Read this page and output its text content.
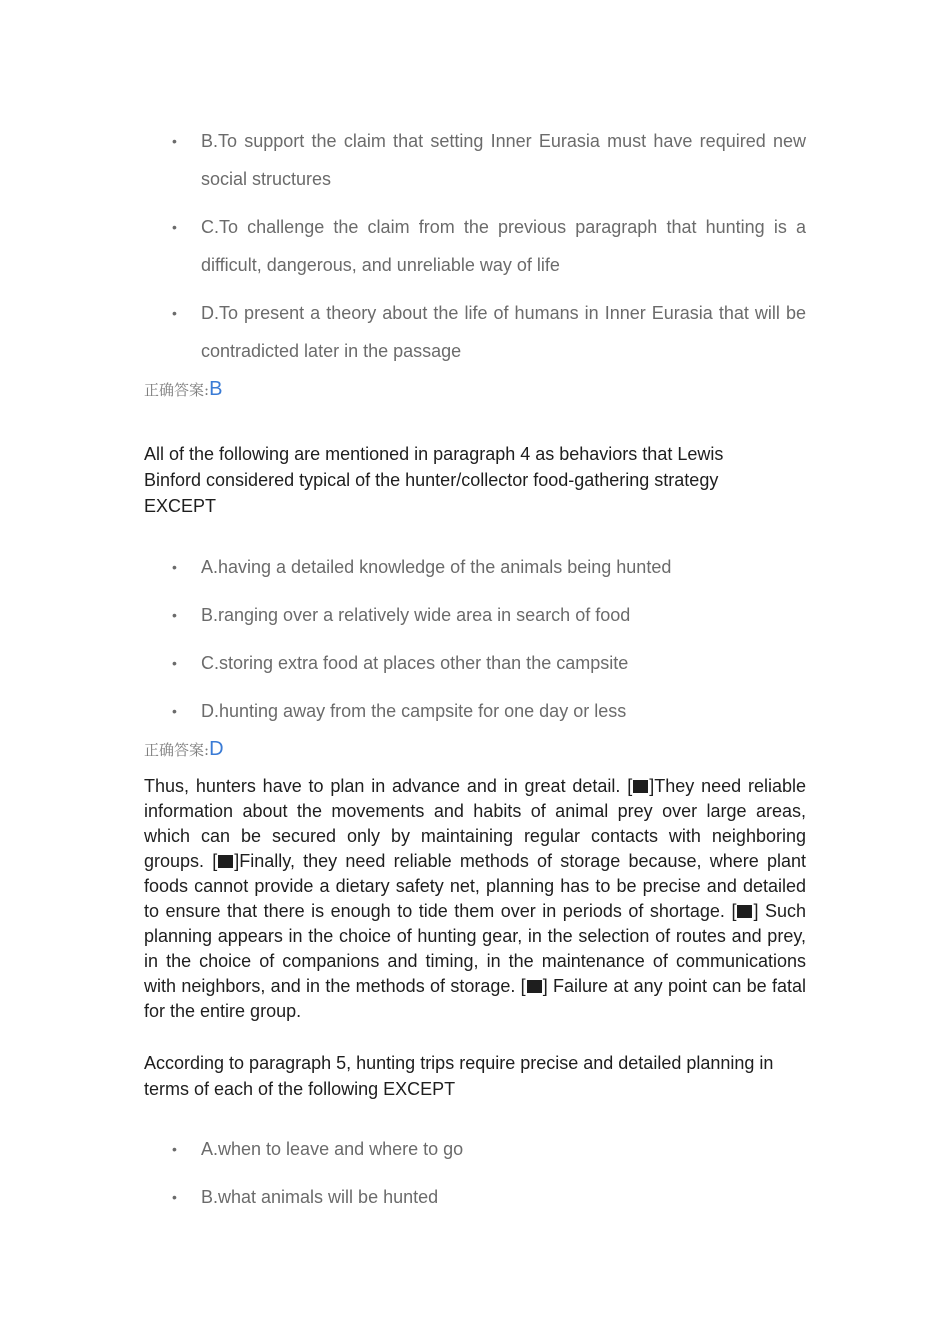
• B.To support the claim that setting Inner Eurasia must have required new social structures
• C.To challenge the claim from the previous paragraph that hunting is a difficult, dangerous, and unreliable way of life
• D.To present a theory about the life of humans in Inner Eurasia that will be contradicted later in the passage
正确答案:B

All of the following are mentioned in paragraph 4 as behaviors that Lewis Binford considered typical of the hunter/collector food-gathering strategy EXCEPT

• A.having a detailed knowledge of the animals being hunted
• B.ranging over a relatively wide area in search of food
• C.storing extra food at places other than the campsite
• D.hunting away from the campsite for one day or less
正确答案:D

Thus, hunters have to plan in advance and in great detail. [ ]They need reliable information about the movements and habits of animal prey over large areas, which can be secured only by maintaining regular contacts with neighboring groups. [ ]Finally, they need reliable methods of storage because, where plant foods cannot provide a dietary safety net, planning has to be precise and detailed to ensure that there is enough to tide them over in periods of shortage. [ ] Such planning appears in the choice of hunting gear, in the selection of routes and prey, in the choice of companions and timing, in the maintenance of communications with neighbors, and in the methods of storage. [ ] Failure at any point can be fatal for the entire group.

According to paragraph 5, hunting trips require precise and detailed planning in terms of each of the following EXCEPT

• A.when to leave and where to go
• B.what animals will be hunted
